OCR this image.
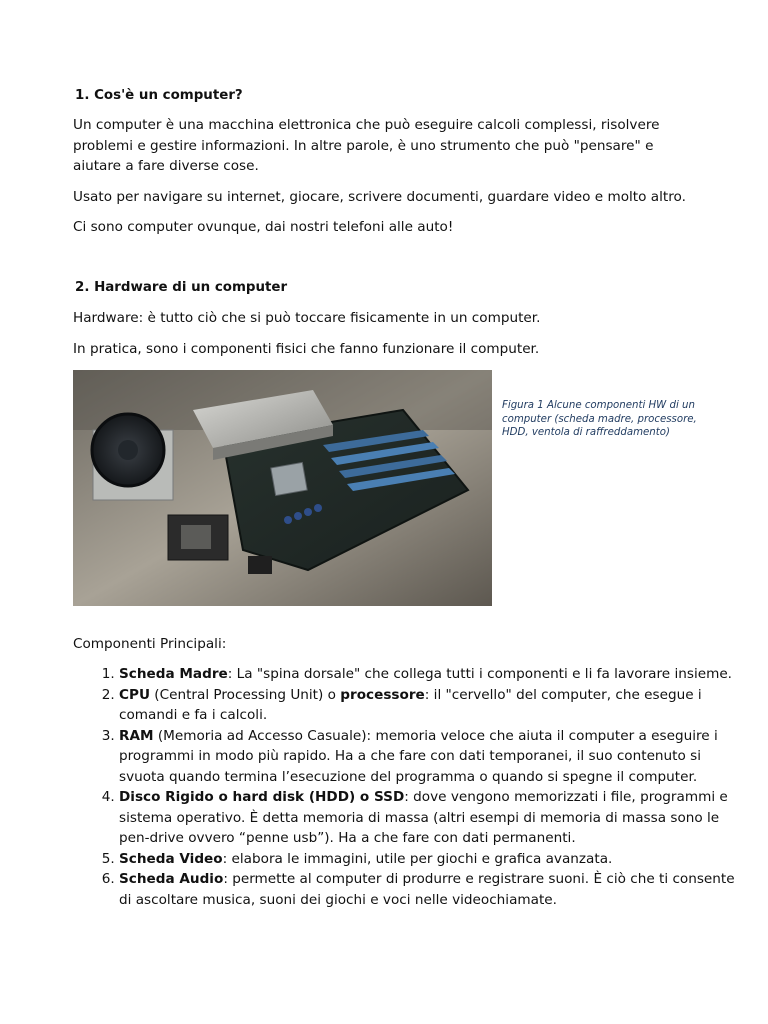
1. Cos'è un computer?

Un computer è una macchina elettronica che può eseguire calcoli complessi, risolvere problemi e gestire informazioni. In altre parole, è uno strumento che può "pensare" e aiutare a fare diverse cose.

Usato per navigare su internet, giocare, scrivere documenti, guardare video e molto altro.

Ci sono computer ovunque, dai nostri telefoni alle auto!

2. Hardware di un computer

Hardware: è tutto ciò che si può toccare fisicamente in un computer.

In pratica, sono i componenti fisici che fanno funzionare il computer.

Figura 1 Alcune componenti HW di un computer (scheda madre, processore, HDD, ventola di raffreddamento)

Componenti Principali:

1. Scheda Madre: La "spina dorsale" che collega tutti i componenti e li fa lavorare insieme.
2. CPU (Central Processing Unit) o processore: il "cervello" del computer, che esegue i comandi e fa i calcoli.
3. RAM (Memoria ad Accesso Casuale): memoria veloce che aiuta il computer a eseguire i programmi in modo più rapido. Ha a che fare con dati temporanei, il suo contenuto si svuota quando termina l’esecuzione del programma o quando si spegne il computer.
4. Disco Rigido o hard disk (HDD) o SSD: dove vengono memorizzati i file, programmi e sistema operativo. È detta memoria di massa (altri esempi di memoria di massa sono le pen-drive ovvero “penne usb”). Ha a che fare con dati permanenti.
5. Scheda Video: elabora le immagini, utile per giochi e grafica avanzata.
6. Scheda Audio: permette al computer di produrre e registrare suoni. È ciò che ti consente di ascoltare musica, suoni dei giochi e voci nelle videochiamate.
